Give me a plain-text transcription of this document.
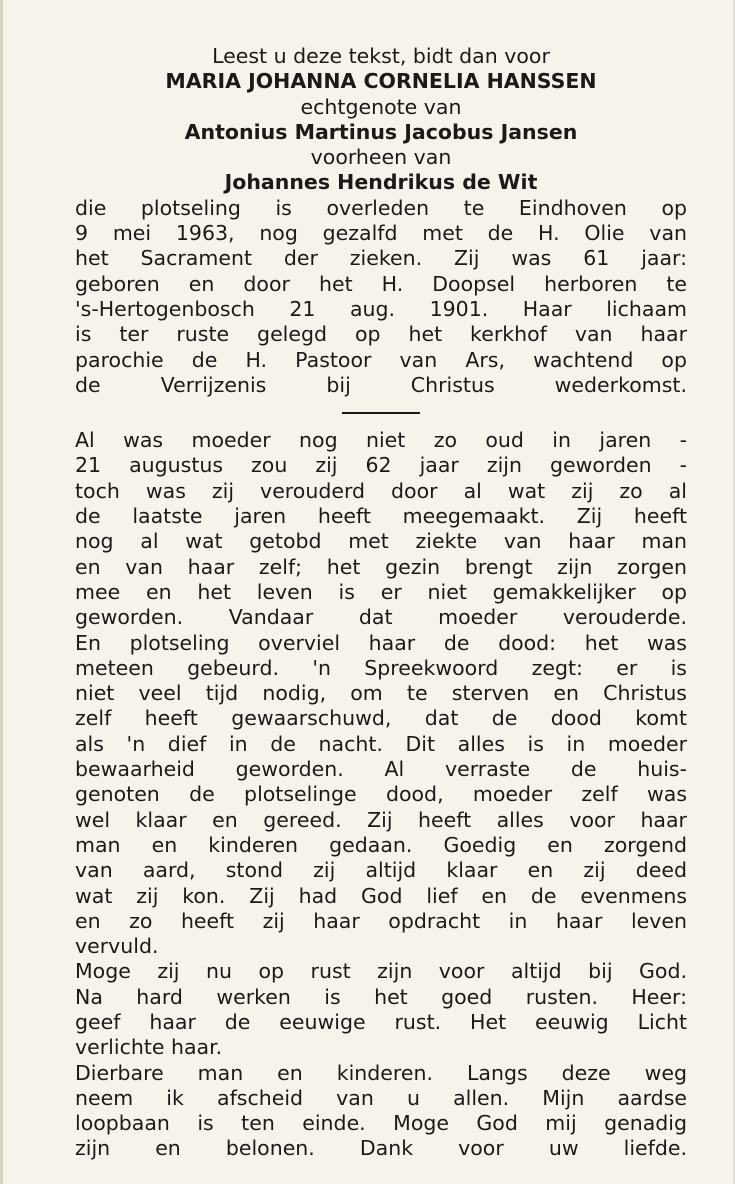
Leest u deze tekst, bidt dan voor
MARIA JOHANNA CORNELIA HANSSEN
echtgenote van
Antonius Martinus Jacobus Jansen
voorheen van
Johannes Hendrikus de Wit
die plotseling is overleden te Eindhoven op
9 mei 1963, nog gezalfd met de H. Olie van
het Sacrament der zieken. Zij was 61 jaar:
geboren en door het H. Doopsel herboren te
's-Hertogenbosch 21 aug. 1901. Haar lichaam
is ter ruste gelegd op het kerkhof van haar
parochie de H. Pastoor van Ars, wachtend op
de Verrijzenis bij Christus wederkomst.
Al was moeder nog niet zo oud in jaren -
21 augustus zou zij 62 jaar zijn geworden -
toch was zij verouderd door al wat zij zo al
de laatste jaren heeft meegemaakt. Zij heeft
nog al wat getobd met ziekte van haar man
en van haar zelf; het gezin brengt zijn zorgen
mee en het leven is er niet gemakkelijker op
geworden. Vandaar dat moeder verouderde.
En plotseling overviel haar de dood: het was
meteen gebeurd. 'n Spreekwoord zegt: er is
niet veel tijd nodig, om te sterven en Christus
zelf heeft gewaarschuwd, dat de dood komt
als 'n dief in de nacht. Dit alles is in moeder
bewaarheid geworden. Al verraste de huis-
genoten de plotselinge dood, moeder zelf was
wel klaar en gereed. Zij heeft alles voor haar
man en kinderen gedaan. Goedig en zorgend
van aard, stond zij altijd klaar en zij deed
wat zij kon. Zij had God lief en de evenmens
en zo heeft zij haar opdracht in haar leven
vervuld.
Moge zij nu op rust zijn voor altijd bij God.
Na hard werken is het goed rusten. Heer:
geef haar de eeuwige rust. Het eeuwig Licht
verlichte haar.
Dierbare man en kinderen. Langs deze weg
neem ik afscheid van u allen. Mijn aardse
loopbaan is ten einde. Moge God mij genadig
zijn en belonen. Dank voor uw liefde.
